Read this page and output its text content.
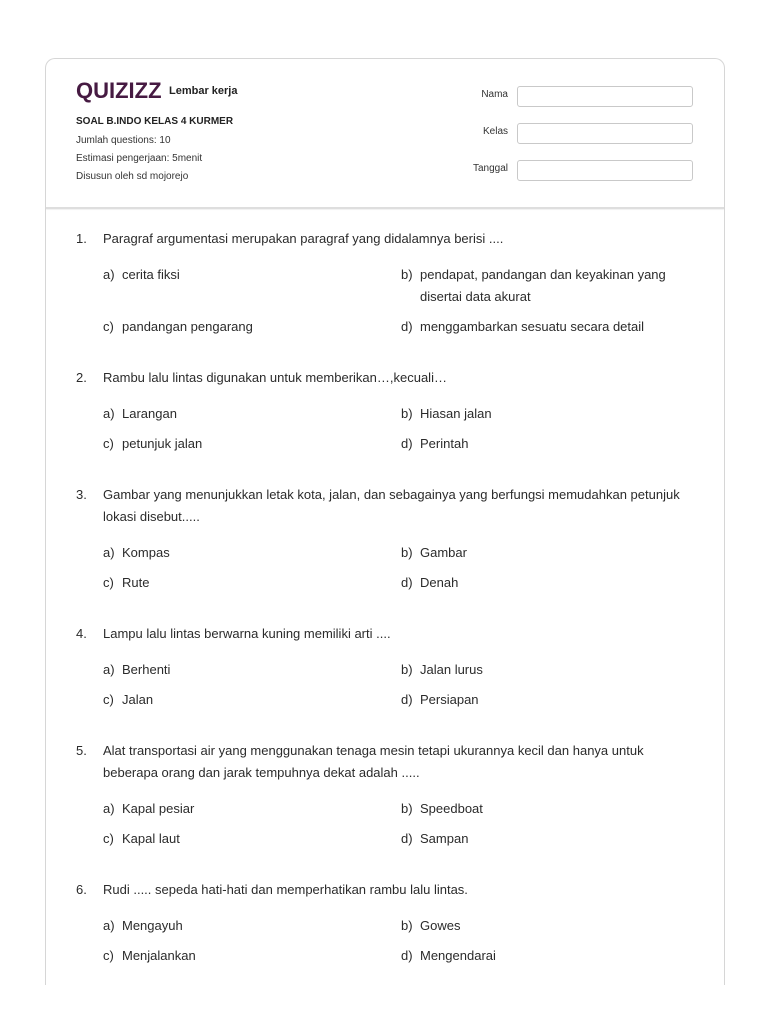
QUIZIZZ Lembar kerja
SOAL B.INDO KELAS 4 KURMER
Jumlah questions: 10
Estimasi pengerjaan: 5menit
Disusun oleh sd mojorejo
Nama
Kelas
Tanggal
1.	Paragraf argumentasi merupakan paragraf yang didalamnya berisi ....
a) cerita fiksi	b) pendapat, pandangan dan keyakinan yang disertai data akurat
c) pandangan pengarang	d) menggambarkan sesuatu secara detail
2.	Rambu lalu lintas digunakan untuk memberikan…,kecuali…
a) Larangan	b) Hiasan jalan
c) petunjuk jalan	d) Perintah
3.	Gambar yang menunjukkan letak kota, jalan, dan sebagainya yang berfungsi memudahkan petunjuk lokasi disebut.....
a) Kompas	b) Gambar
c) Rute	d) Denah
4.	Lampu lalu lintas berwarna kuning memiliki arti ....
a) Berhenti	b) Jalan lurus
c) Jalan	d) Persiapan
5.	Alat transportasi air yang menggunakan tenaga mesin tetapi ukurannya kecil dan hanya untuk beberapa orang dan jarak tempuhnya dekat adalah .....
a) Kapal pesiar	b) Speedboat
c) Kapal laut	d) Sampan
6.	Rudi ..... sepeda hati-hati dan memperhatikan rambu lalu lintas.
a) Mengayuh	b) Gowes
c) Menjalankan	d) Mengendarai
